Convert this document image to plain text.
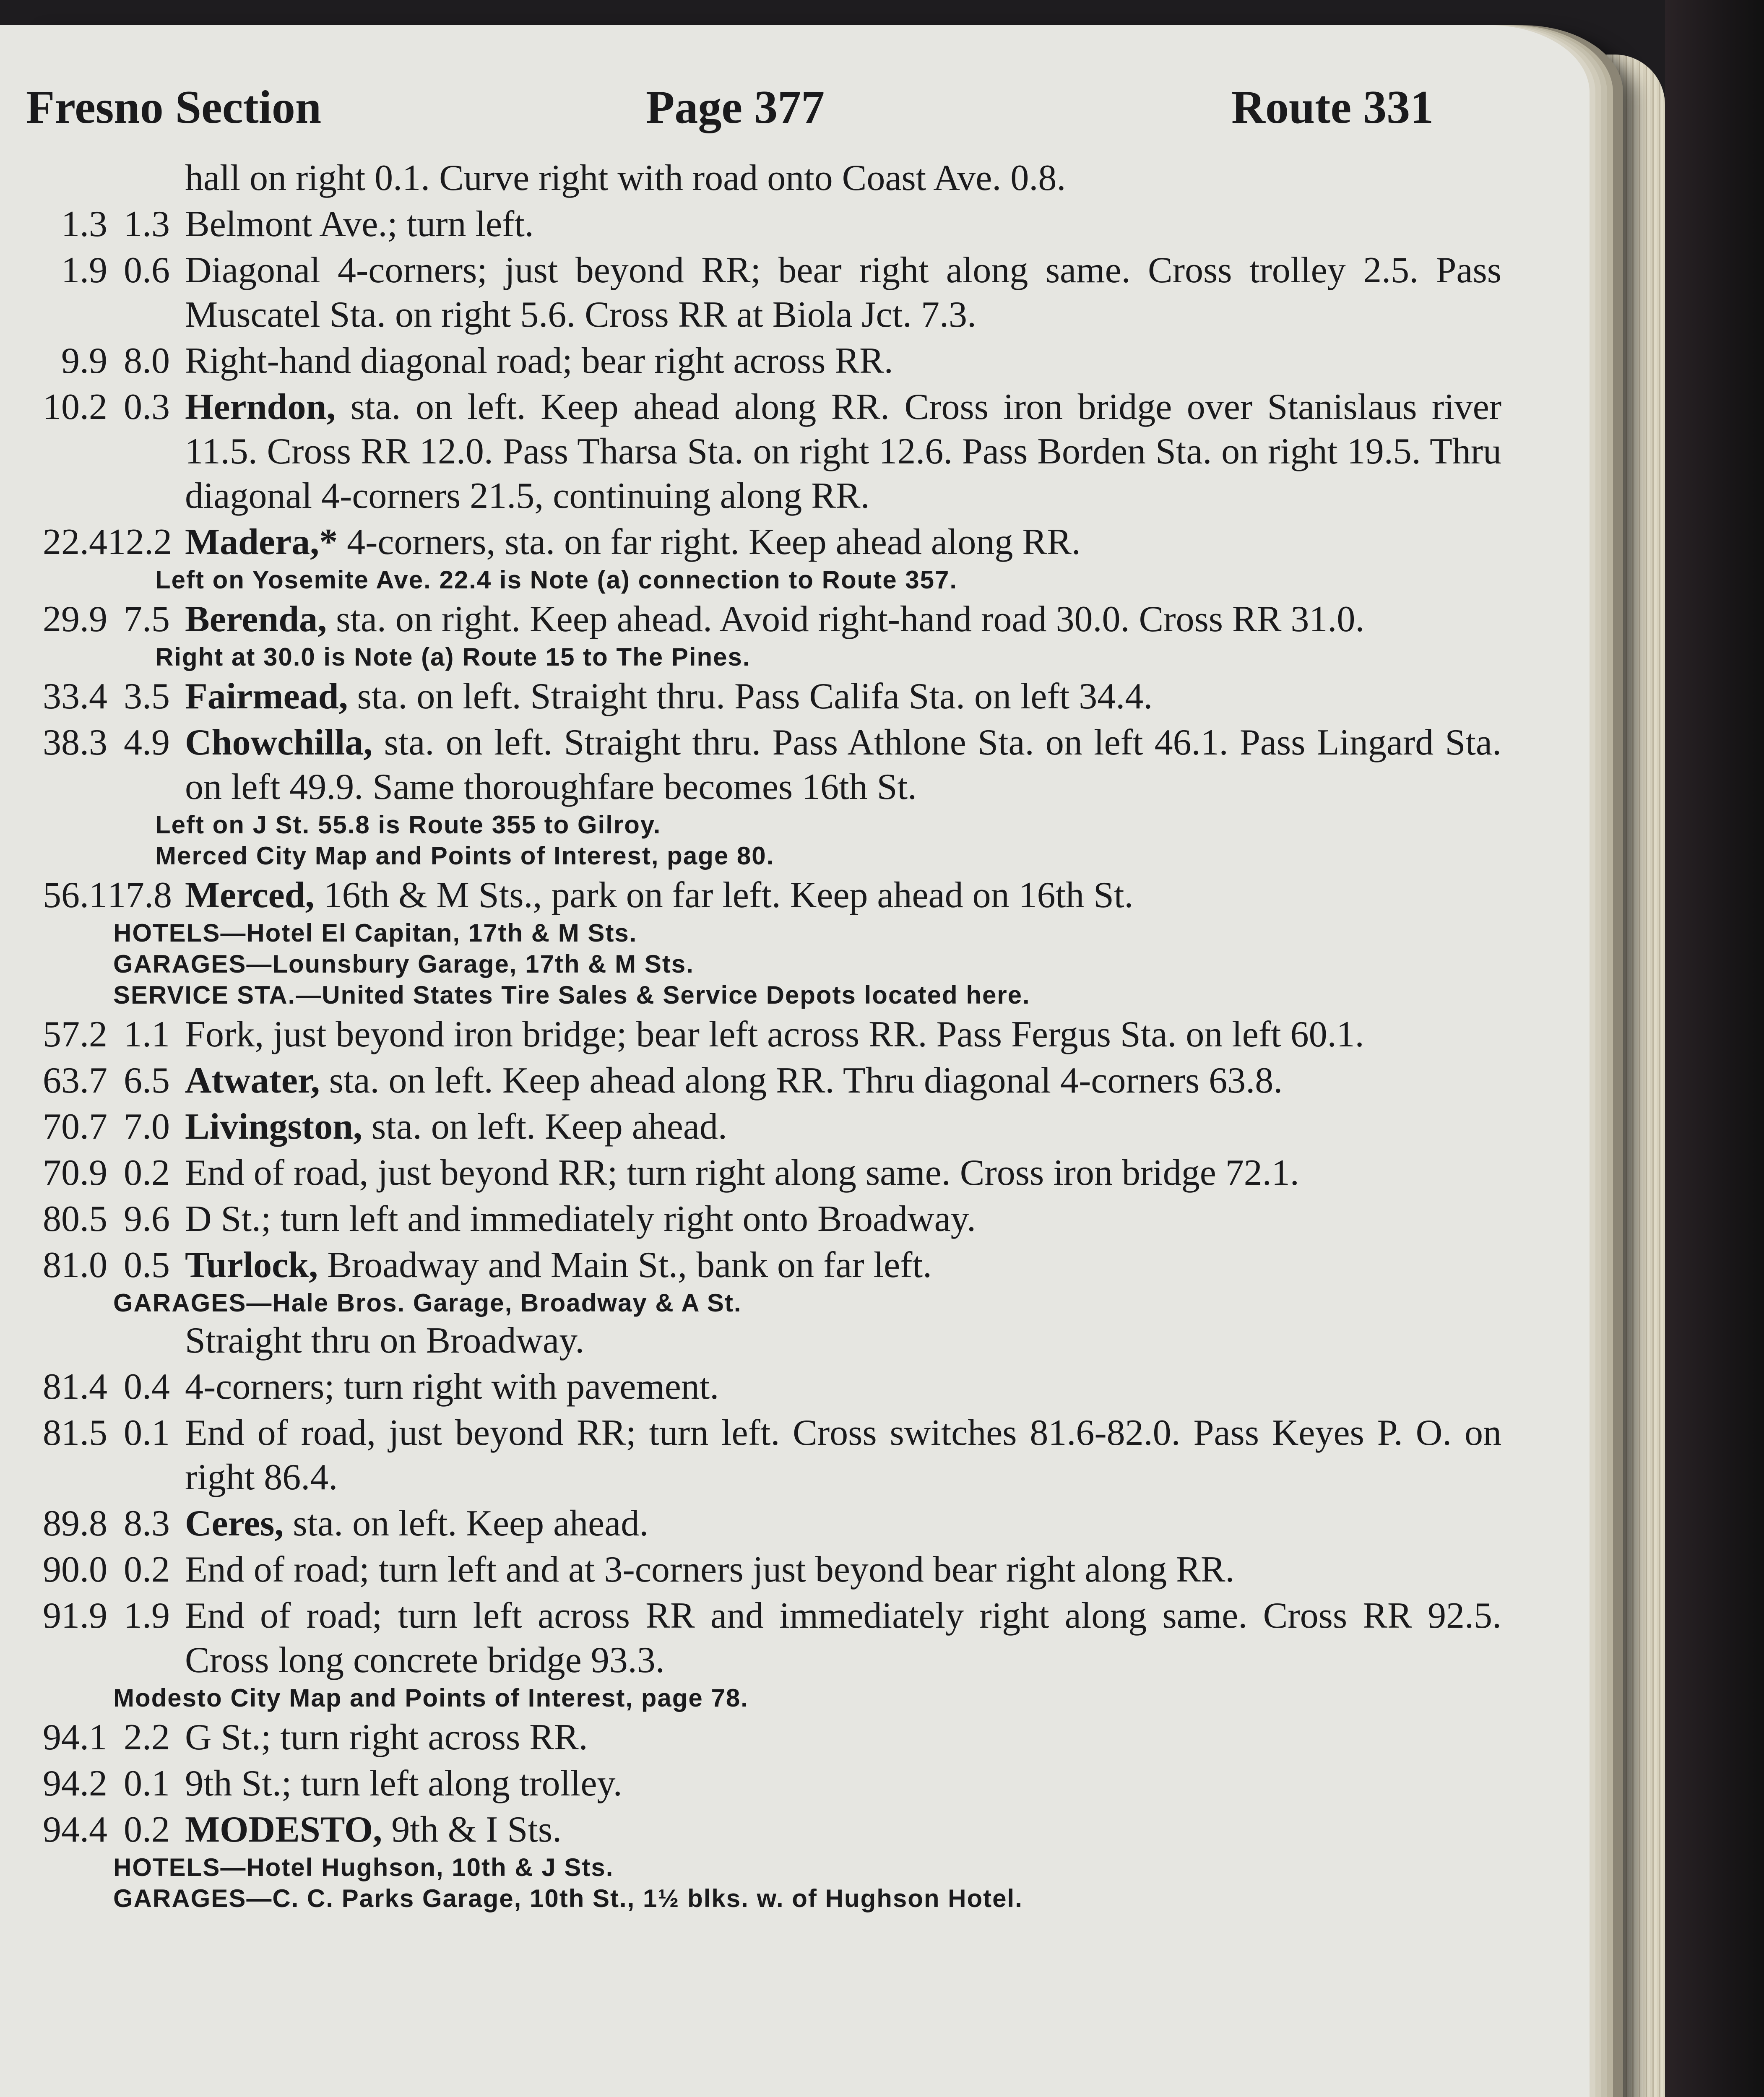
Fresno Section	Page 377	Route 331
hall on right 0.1. Curve right with road onto Coast Ave. 0.8.
1.3 1.3 Belmont Ave.; turn left.
1.9 0.6 Diagonal 4-corners; just beyond RR; bear right along same. Cross trolley 2.5. Pass Muscatel Sta. on right 5.6. Cross RR at Biola Jct. 7.3.
9.9 8.0 Right-hand diagonal road; bear right across RR.
10.2 0.3 Herndon, sta. on left. Keep ahead along RR. Cross iron bridge over Stanislaus river 11.5. Cross RR 12.0. Pass Tharsa Sta. on right 12.6. Pass Borden Sta. on right 19.5. Thru diagonal 4-corners 21.5, continuing along RR.
22.4 12.2 Madera,* 4-corners, sta. on far right. Keep ahead along RR.
Left on Yosemite Ave. 22.4 is Note (a) connection to Route 357.
29.9 7.5 Berenda, sta. on right. Keep ahead. Avoid right-hand road 30.0. Cross RR 31.0.
Right at 30.0 is Note (a) Route 15 to The Pines.
33.4 3.5 Fairmead, sta. on left. Straight thru. Pass Califa Sta. on left 34.4.
38.3 4.9 Chowchilla, sta. on left. Straight thru. Pass Athlone Sta. on left 46.1. Pass Lingard Sta. on left 49.9. Same thoroughfare becomes 16th St.
Left on J St. 55.8 is Route 355 to Gilroy.
Merced City Map and Points of Interest, page 80.
56.1 17.8 Merced, 16th & M Sts., park on far left. Keep ahead on 16th St.
HOTELS—Hotel El Capitan, 17th & M Sts.
GARAGES—Lounsbury Garage, 17th & M Sts.
SERVICE STA.—United States Tire Sales & Service Depots located here.
57.2 1.1 Fork, just beyond iron bridge; bear left across RR. Pass Fergus Sta. on left 60.1.
63.7 6.5 Atwater, sta. on left. Keep ahead along RR. Thru diagonal 4-corners 63.8.
70.7 7.0 Livingston, sta. on left. Keep ahead.
70.9 0.2 End of road, just beyond RR; turn right along same. Cross iron bridge 72.1.
80.5 9.6 D St.; turn left and immediately right onto Broadway.
81.0 0.5 Turlock, Broadway and Main St., bank on far left.
GARAGES—Hale Bros. Garage, Broadway & A St.
Straight thru on Broadway.
81.4 0.4 4-corners; turn right with pavement.
81.5 0.1 End of road, just beyond RR; turn left. Cross switches 81.6-82.0. Pass Keyes P. O. on right 86.4.
89.8 8.3 Ceres, sta. on left. Keep ahead.
90.0 0.2 End of road; turn left and at 3-corners just beyond bear right along RR.
91.9 1.9 End of road; turn left across RR and immediately right along same. Cross RR 92.5. Cross long concrete bridge 93.3.
Modesto City Map and Points of Interest, page 78.
94.1 2.2 G St.; turn right across RR.
94.2 0.1 9th St.; turn left along trolley.
94.4 0.2 MODESTO, 9th & I Sts.
HOTELS—Hotel Hughson, 10th & J Sts.
GARAGES—C. C. Parks Garage, 10th St., 1½ blks. w. of Hughson Hotel.
